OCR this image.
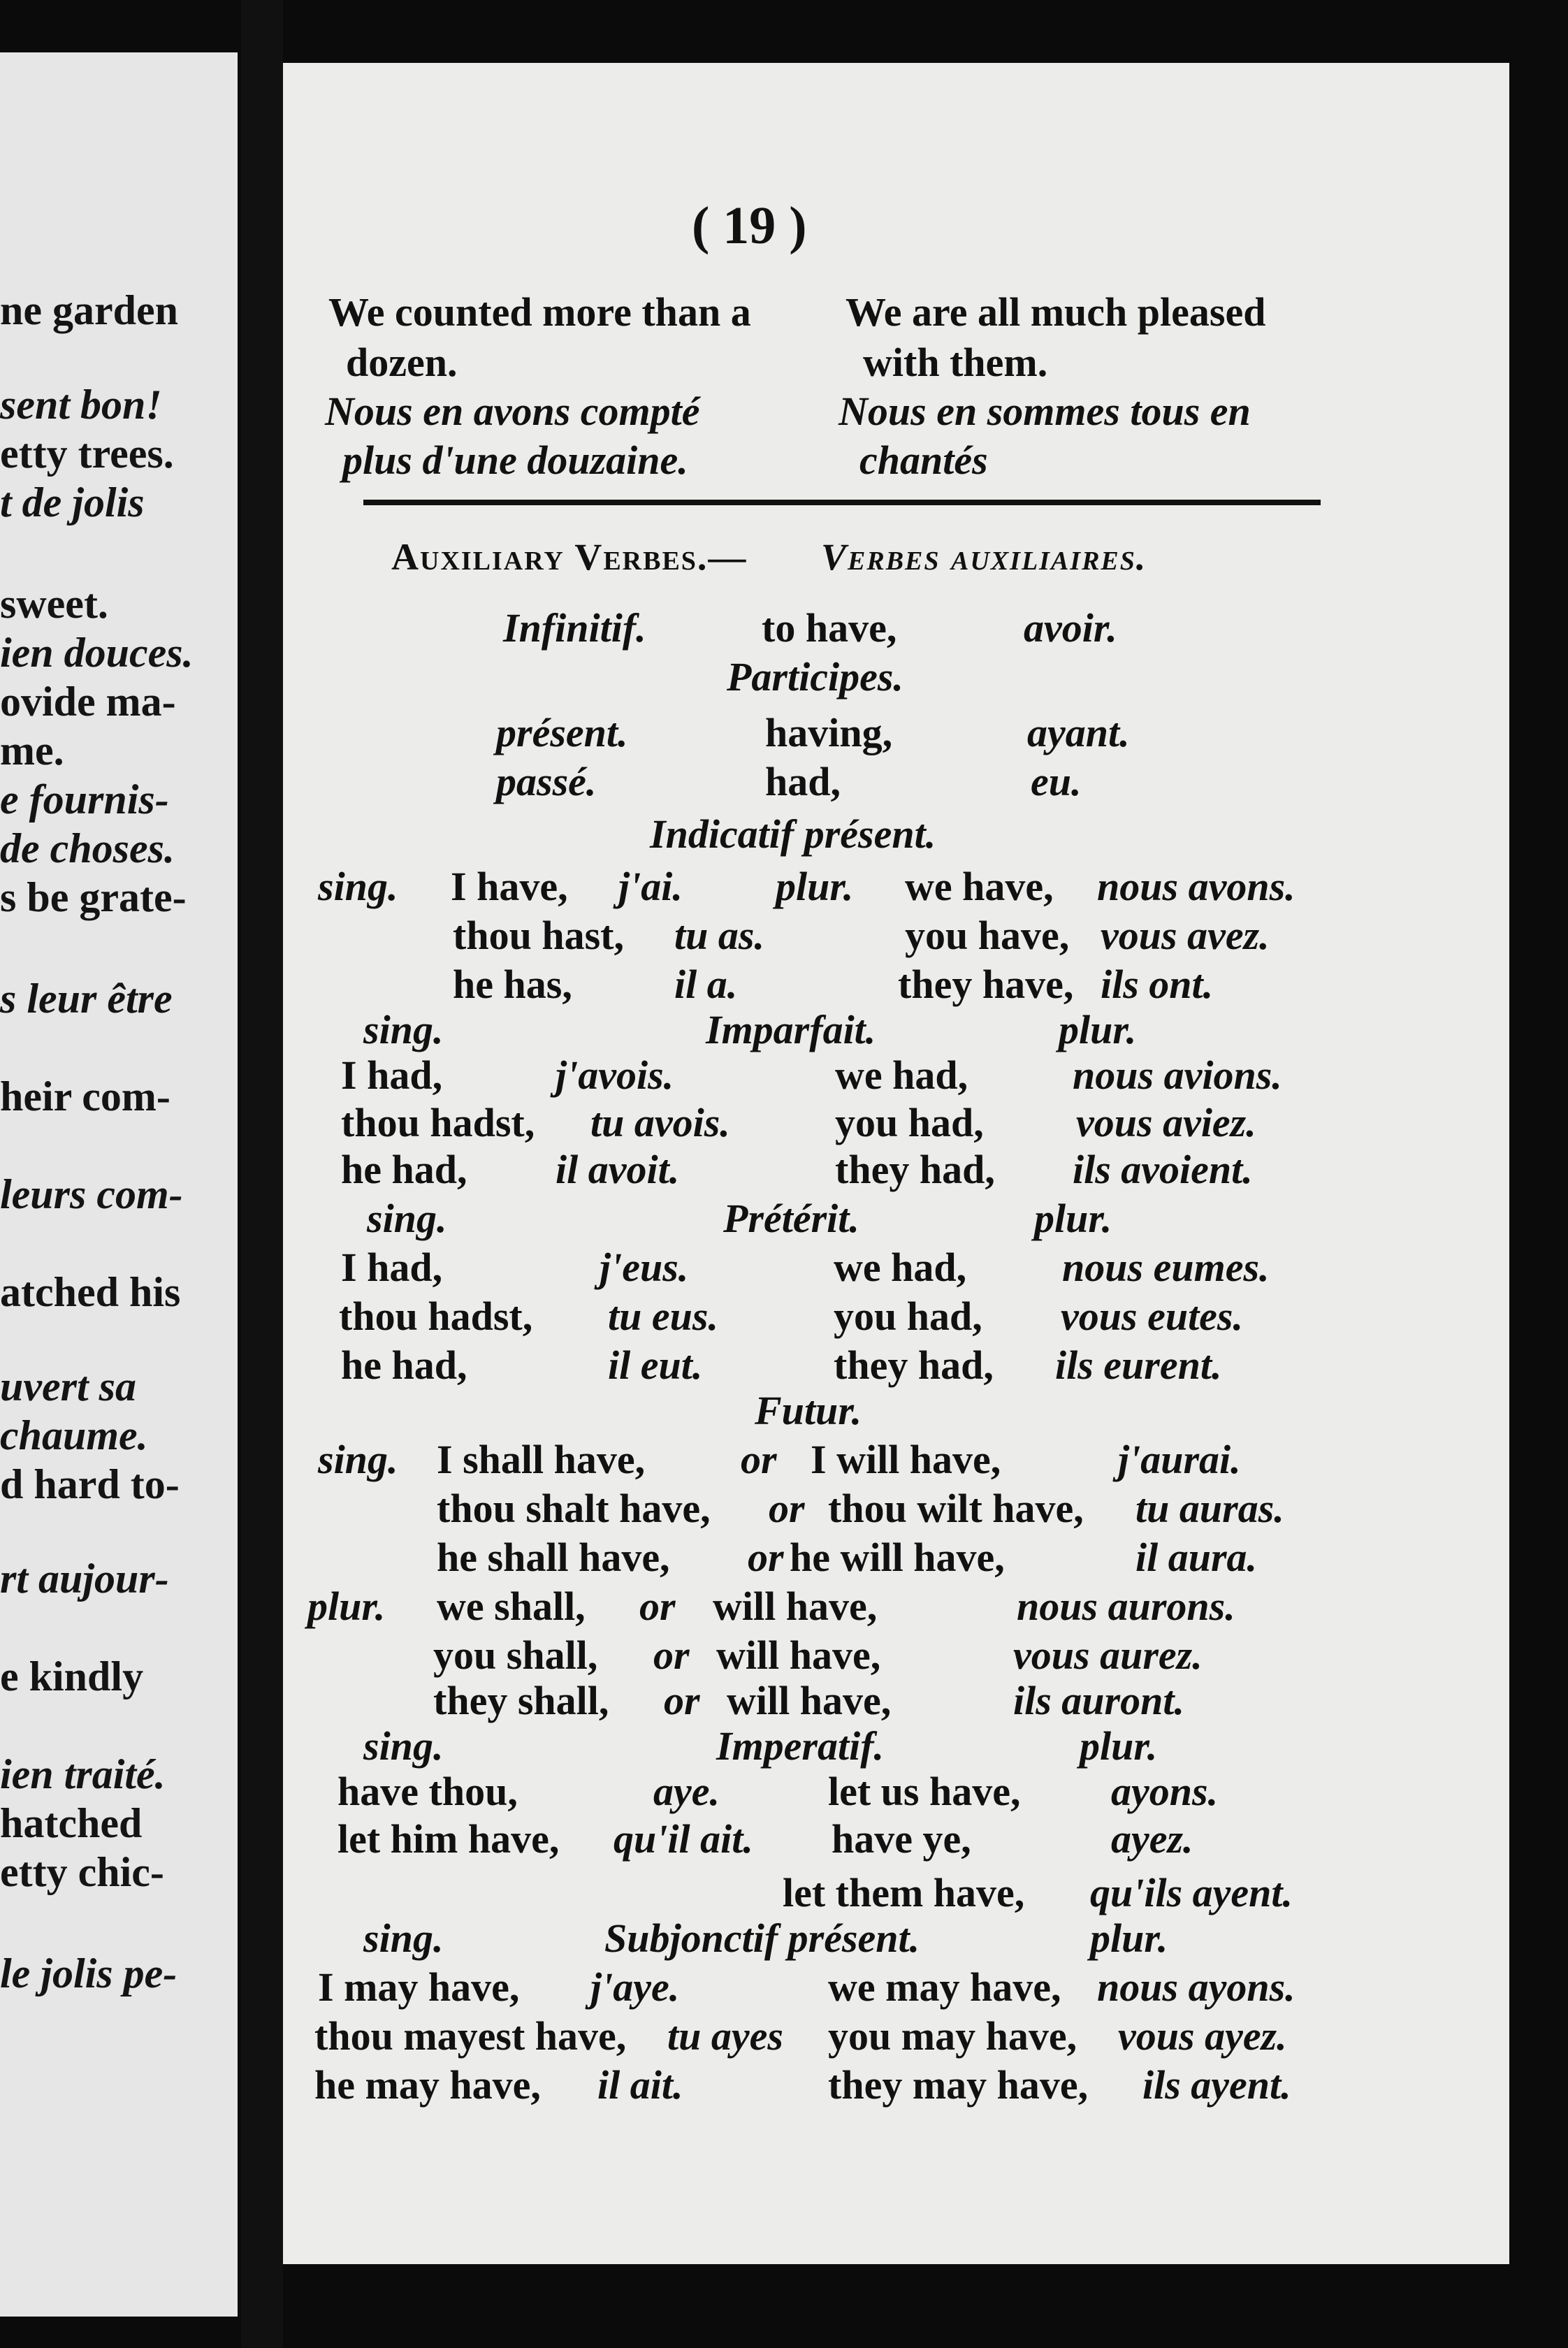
ne garden
sent bon!
etty trees.
t de jolis
sweet.
ien douces.
ovide ma-
me.
e fournis-
de choses.
s be grate-
s leur être
heir com-
leurs com-
atched his
uvert sa
chaume.
d hard to-
rt aujour-
e kindly
ien traité.
hatched
etty chic-
le jolis pe-
( 19 )
We counted more than a
dozen.
Nous en avons compté
plus d'une douzaine.
We are all much pleased
with them.
Nous en sommes tous en
chantés
Auxiliary Verbes.— Verbes auxiliaires.
Infinitif.	to have,	avoir.
Participes.
présent.	having,	ayant.
passé.	had,	eu.
Indicatif présent.
sing. I have, j'ai. plur. we have, nous avons.
thou hast, tu as.	you have, vous avez.
he has,	il a.	they have, ils ont.
sing.	Imparfait.	plur.
I had,	j'avois.	we had,	nous avions.
thou hadst, tu avois.	you had, vous aviez.
he had, il avoit.	they had, ils avoient.
sing.	Prétérit.	plur.
I had,	j'eus.	we had, nous eumes.
thou hadst, tu eus.	you had, vous eutes.
he had,	il eut.	they had, ils eurent.
Futur.
sing. I shall have, or I will have,	j'aurai.
thou shalt have, or thou wilt have, tu auras.
he shall have, or he will have,	il aura.
plur. we shall, or will have,	nous aurons.
you shall, or will have,	vous aurez.
they shall, or will have,	ils auront.
sing.	Imperatif.	plur.
have thou,	aye.	let us have, ayons.
let him have, qu'il ait. have ye,	ayez.
let them have, qu'ils ayent.
sing.	Subjonctif présent.	plur.
I may have, j'aye.	we may have, nous ayons.
thou mayest have, tu ayes you may have, vous ayez.
he may have, il ait.	they may have, ils ayent.
